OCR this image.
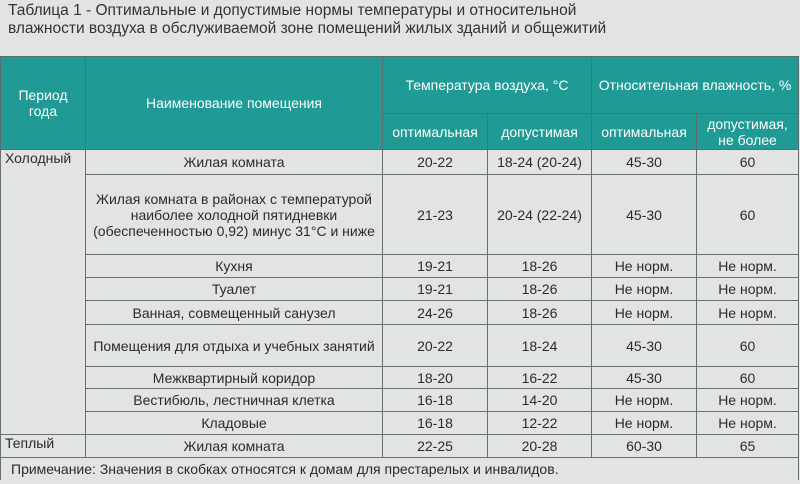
Таблица 1 - Оптимальные и допустимые нормы температуры и относительной
влажности воздуха в обслуживаемой зоне помещений жилых зданий и общежитий
Период года	Наименование помещения	Температура воздуха, °С		Относительная влажность, %	
		оптимальная	допустимая	оптимальная	допустимая, не более
Холодный	Жилая комната	20-22	18-24 (20-24)	45-30	60
	Жилая комната в районах с температурой наиболее холодной пятидневки (обеспеченностью 0,92) минус 31°С и ниже	21-23	20-24 (22-24)	45-30	60
	Кухня	19-21	18-26	Не норм.	Не норм.
	Туалет	19-21	18-26	Не норм.	Не норм.
	Ванная, совмещенный санузел	24-26	18-26	Не норм.	Не норм.
	Помещения для отдыха и учебных занятий	20-22	18-24	45-30	60
	Межквартирный коридор	18-20	16-22	45-30	60
	Вестибюль, лестничная клетка	16-18	14-20	Не норм.	Не норм.
	Кладовые	16-18	12-22	Не норм.	Не норм.
Теплый	Жилая комната	22-25	20-28	60-30	65
Примечание: Значения в скобках относятся к домам для престарелых и инвалидов.					
